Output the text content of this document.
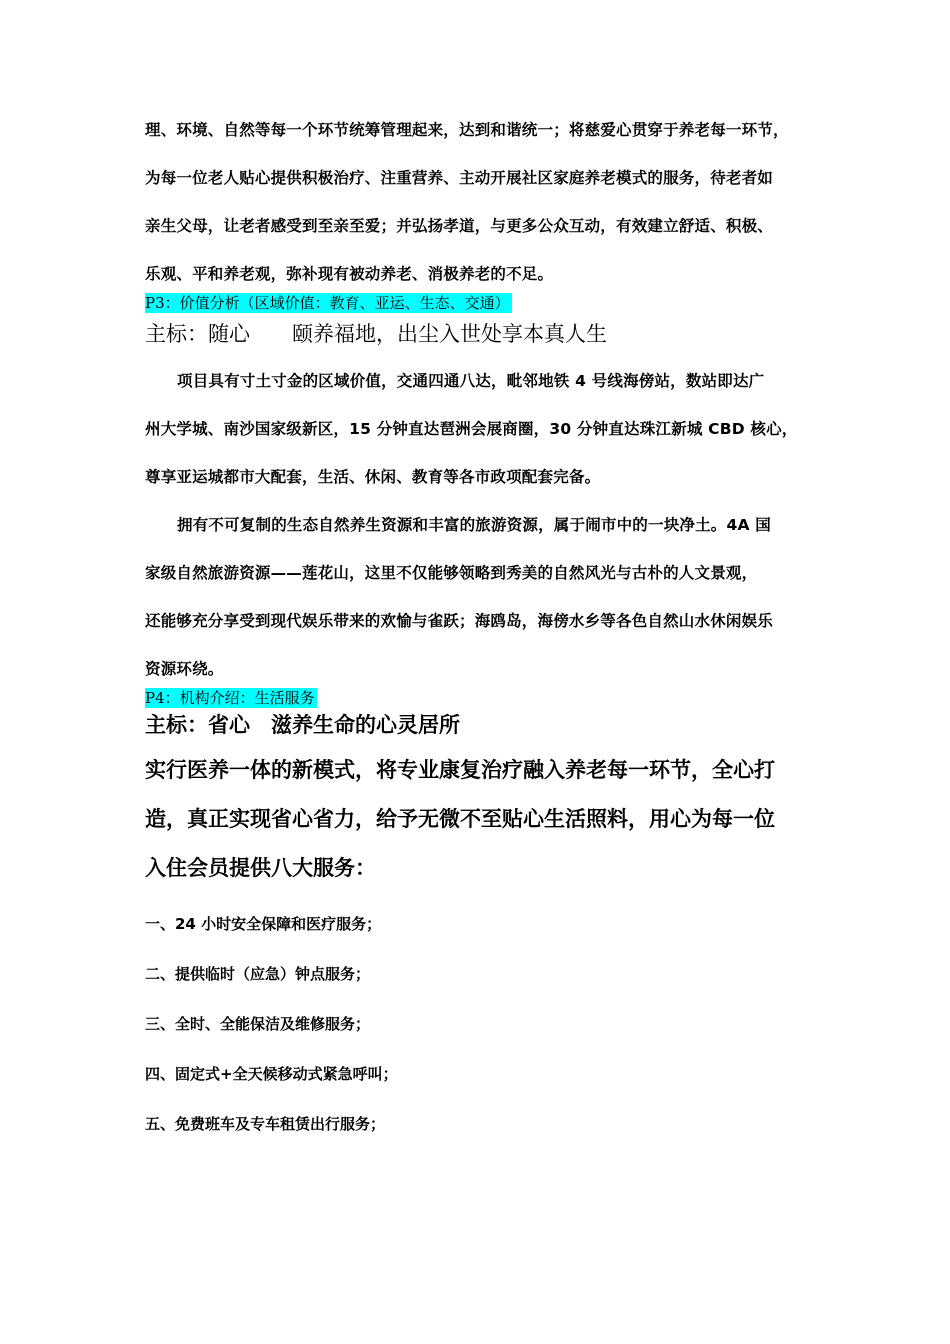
理、环境、自然等每一个环节统筹管理起来，达到和谐统一；将慈爱心贯穿于养老每一环节，

为每一位老人贴心提供积极治疗、注重营养、主动开展社区家庭养老模式的服务，待老者如

亲生父母，让老者感受到至亲至爱；并弘扬孝道，与更多公众互动，有效建立舒适、积极、

乐观、平和养老观，弥补现有被动养老、消极养老的不足。

P3：价值分析（区域价值：教育、亚运、生态、交通）

主标：随心　　颐养福地，出尘入世处享本真人生

项目具有寸土寸金的区域价值，交通四通八达，毗邻地铁 4 号线海傍站，数站即达广

州大学城、南沙国家级新区，15 分钟直达琶洲会展商圈，30 分钟直达珠江新城 CBD 核心，

尊享亚运城都市大配套，生活、休闲、教育等各市政项配套完备。

拥有不可复制的生态自然养生资源和丰富的旅游资源，属于闹市中的一块净土。4A 国

家级自然旅游资源——莲花山，这里不仅能够领略到秀美的自然风光与古朴的人文景观，

还能够充分享受到现代娱乐带来的欢愉与雀跃；海鸥岛，海傍水乡等各色自然山水休闲娱乐

资源环绕。

P4：机构介绍：生活服务

主标：省心　滋养生命的心灵居所

实行医养一体的新模式，将专业康复治疗融入养老每一环节，全心打

造，真正实现省心省力，给予无微不至贴心生活照料，用心为每一位

入住会员提供八大服务：

一、24 小时安全保障和医疗服务；

二、提供临时（应急）钟点服务；

三、全时、全能保洁及维修服务；

四、固定式+全天候移动式紧急呼叫；

五、免费班车及专车租赁出行服务；
